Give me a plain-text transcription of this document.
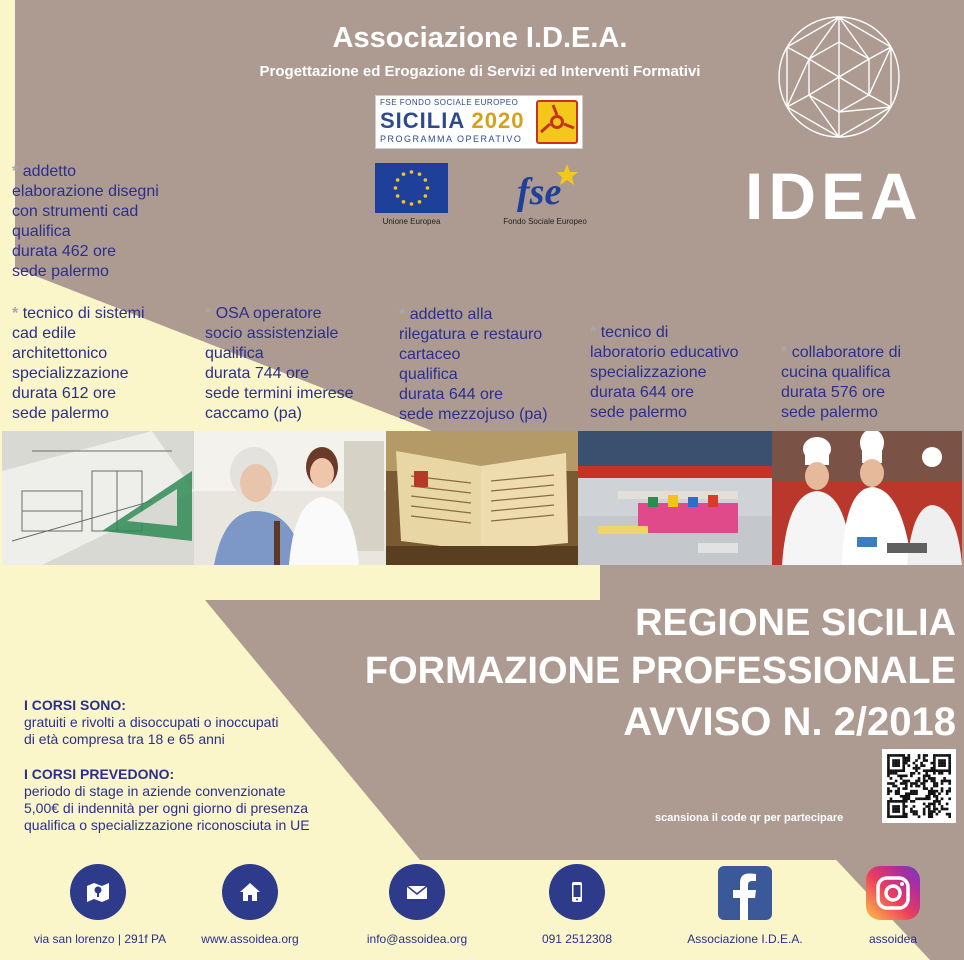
Associazione I.D.E.A.
Progettazione ed Erogazione di Servizi ed Interventi Formativi
FSE FONDO SOCIALE EUROPEO
SICILIA 2020
PROGRAMMA OPERATIVO
Unione Europea
fse
Fondo Sociale Europeo	IDEA
* addetto
elaborazione disegni
con strumenti cad
qualifica
durata 462 ore
sede palermo
* tecnico di sistemi
cad edile
architettonico
specializzazione
durata 612 ore
sede palermo
* OSA operatore
socio assistenziale
qualifica
durata 744 ore
sede termini imerese
caccamo (pa)
* addetto alla
rilegatura e restauro
cartaceo
qualifica
durata 644 ore
sede mezzojuso (pa)
* tecnico di
laboratorio educativo
specializzazione
durata 644 ore
sede palermo
* collaboratore di
cucina qualifica
durata 576 ore
sede palermo
REGIONE SICILIA
FORMAZIONE PROFESSIONALE
AVVISO N. 2/2018
scansiona il code qr per partecipare
I CORSI SONO:
gratuiti e rivolti a disoccupati o inoccupati
di età compresa tra 18 e 65 anni
I CORSI PREVEDONO:
periodo di stage in aziende convenzionate
5,00€ di indennità per ogni giorno di presenza
qualifica o specializzazione riconosciuta in UE
via san lorenzo | 291f PA	www.assoidea.org	info@assoidea.org	091 2512308	Associazione I.D.E.A.	assoidea
